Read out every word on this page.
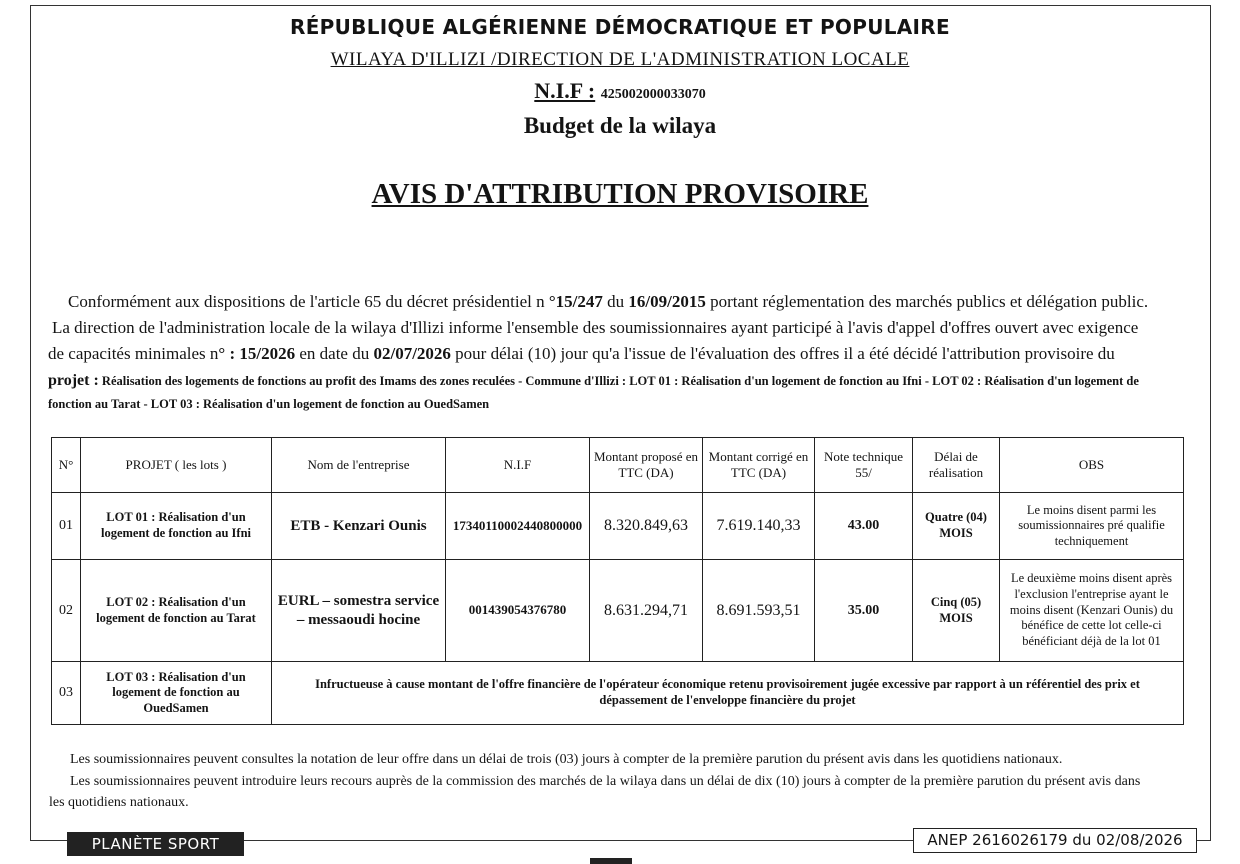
RÉPUBLIQUE ALGÉRIENNE DÉMOCRATIQUE ET POPULAIRE
WILAYA D'ILLIZI /DIRECTION DE L'ADMINISTRATION LOCALE
N.I.F : 425002000033070
Budget de la wilaya
AVIS D'ATTRIBUTION PROVISOIRE
Conformément aux dispositions de l'article 65 du décret présidentiel n °15/247 du 16/09/2015 portant réglementation des marchés publics et délégation public.
La direction de l'administration locale de la wilaya d'Illizi informe l'ensemble des soumissionnaires ayant participé à l'avis d'appel d'offres ouvert avec exigence
de capacités minimales n° : 15/2026 en date du 02/07/2026 pour délai (10) jour qu'a l'issue de l'évaluation des offres il a été décidé l'attribution provisoire du
projet : Réalisation des logements de fonctions au profit des Imams des zones reculées - Commune d'Illizi : LOT 01 : Réalisation d'un logement de fonction au Ifni - LOT 02 : Réalisation d'un logement de
fonction au Tarat - LOT 03 : Réalisation d'un logement de fonction au OuedSamen
N°	PROJET ( les lots )	Nom de l'entreprise	N.I.F	Montant proposé en TTC (DA)	Montant corrigé en TTC (DA)	Note technique 55/	Délai de réalisation	OBS
01	LOT 01 : Réalisation d'un logement de fonction au Ifni	ETB - Kenzari Ounis	17340110002440800000	8.320.849,63	7.619.140,33	43.00	Quatre (04) MOIS	Le moins disent parmi les soumissionnaires pré qualifie techniquement
02	LOT 02 : Réalisation d'un logement de fonction au Tarat	EURL – somestra service – messaoudi hocine	001439054376780	8.631.294,71	8.691.593,51	35.00	Cinq (05) MOIS	Le deuxième moins disent après l'exclusion l'entreprise ayant le moins disent (Kenzari Ounis) du bénéfice de cette lot celle-ci bénéficiant déjà de la lot 01
03	LOT 03 : Réalisation d'un logement de fonction au OuedSamen	Infructueuse à cause montant de l'offre financière de l'opérateur économique retenu provisoirement jugée excessive par rapport à un référentiel des prix et dépassement de l'enveloppe financière du projet						
Les soumissionnaires peuvent consultes la notation de leur offre dans un délai de trois (03) jours à compter de la première parution du présent avis dans les quotidiens nationaux.
Les soumissionnaires peuvent introduire leurs recours auprès de la commission des marchés de la wilaya dans un délai de dix (10) jours à compter de la première parution du présent avis dans
les quotidiens nationaux.
PLANÈTE SPORT	ANEP 2616026179 du 02/08/2026
